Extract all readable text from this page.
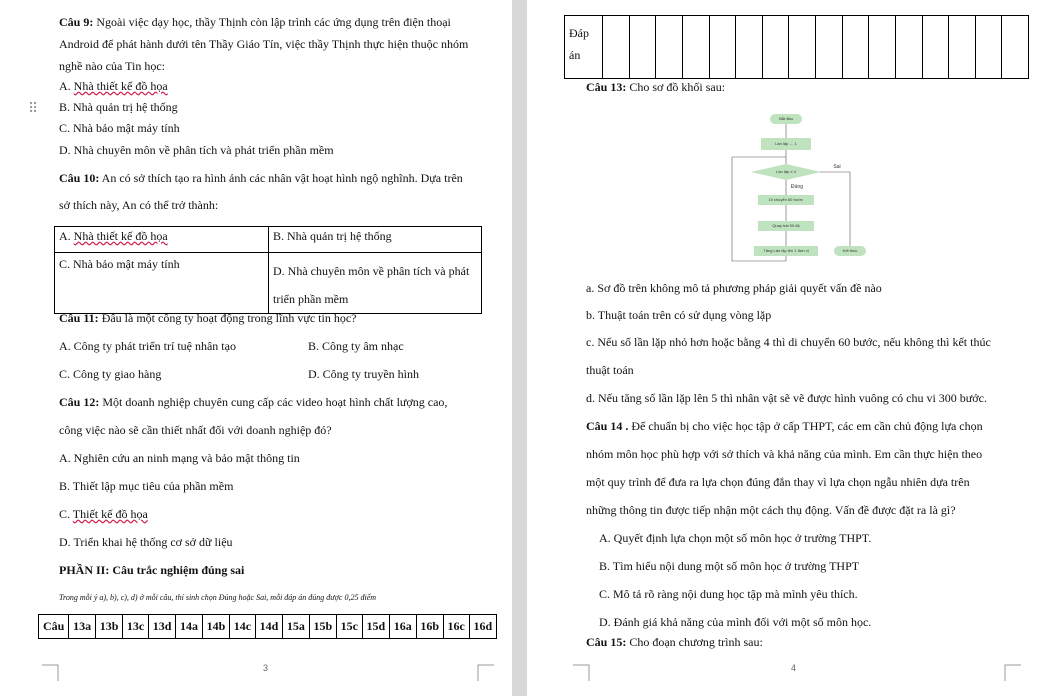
Câu 9: Ngoài việc dạy học, thầy Thịnh còn lập trình các ứng dụng trên điện thoại
Android để phát hành dưới tên Thầy Giáo Tín, việc thầy Thịnh thực hiện thuộc nhóm
nghề nào của Tin học:
A. Nhà thiết kế đồ họa
⠿ B. Nhà quản trị hệ thống
C. Nhà bảo mật máy tính
D. Nhà chuyên môn về phân tích và phát triển phần mềm
Câu 10: An có sở thích tạo ra hình ảnh các nhân vật hoạt hình ngộ nghĩnh. Dựa trên
sở thích này, An có thể trở thành:
A. Nhà thiết kế đồ họa	B. Nhà quản trị hệ thống
C. Nhà bảo mật máy tính	D. Nhà chuyên môn về phân tích và phát
triển phần mềm
Câu 11: Đâu là một công ty hoạt động trong lĩnh vực tin học?
A. Công ty phát triển trí tuệ nhân tạo	B. Công ty âm nhạc
C. Công ty giao hàng	D. Công ty truyền hình
Câu 12: Một doanh nghiệp chuyên cung cấp các video hoạt hình chất lượng cao,
công việc nào sẽ cần thiết nhất đối với doanh nghiệp đó?
A. Nghiên cứu an ninh mạng và bảo mật thông tin
B. Thiết lập mục tiêu của phần mềm
C. Thiết kế đồ họa
D. Triển khai hệ thống cơ sở dữ liệu
PHẦN II: Câu trắc nghiệm đúng sai
Trong mỗi ý a), b), c), d) ở mỗi câu, thí sinh chọn Đúng hoặc Sai, mỗi đáp án đúng được 0,25 điểm
Câu	13a	13b	13c	13d	14a	14b	14c	14d	15a	15b	15c	15d	16a	16b	16c	16d
3
Đáp
án																
Câu 13: Cho sơ đồ khối sau:
Bắt đầu
Lần lặp ← 1
Lần lặp ≤ 4
Sai
Đúng
Di chuyển 60 bước
Quay trái 90 độ
Tăng Lần lặp lên 1 đơn vị	Kết thúc
a. Sơ đồ trên không mô tả phương pháp giải quyết vấn đề nào
b. Thuật toán trên có sử dụng vòng lặp
c. Nếu số lần lặp nhỏ hơn hoặc bằng 4 thì di chuyển 60 bước, nếu không thì kết thúc
thuật toán
d. Nếu tăng số lần lặp lên 5 thì nhân vật sẽ vẽ được hình vuông có chu vi 300 bước.
Câu 14 . Để chuẩn bị cho việc học tập ở cấp THPT, các em cần chủ động lựa chọn
nhóm môn học phù hợp với sở thích và khả năng của mình. Em cần thực hiện theo
một quy trình để đưa ra lựa chọn đúng đắn thay vì lựa chọn ngẫu nhiên dựa trên
những thông tin được tiếp nhận một cách thụ động. Vấn đề được đặt ra là gì?
A. Quyết định lựa chọn một số môn học ở trường THPT.
B. Tìm hiểu nội dung một số môn học ở trường THPT
C. Mô tả rõ ràng nội dung học tập mà mình yêu thích.
D. Đánh giá khả năng của mình đối với một số môn học.
Câu 15: Cho đoạn chương trình sau:
4
